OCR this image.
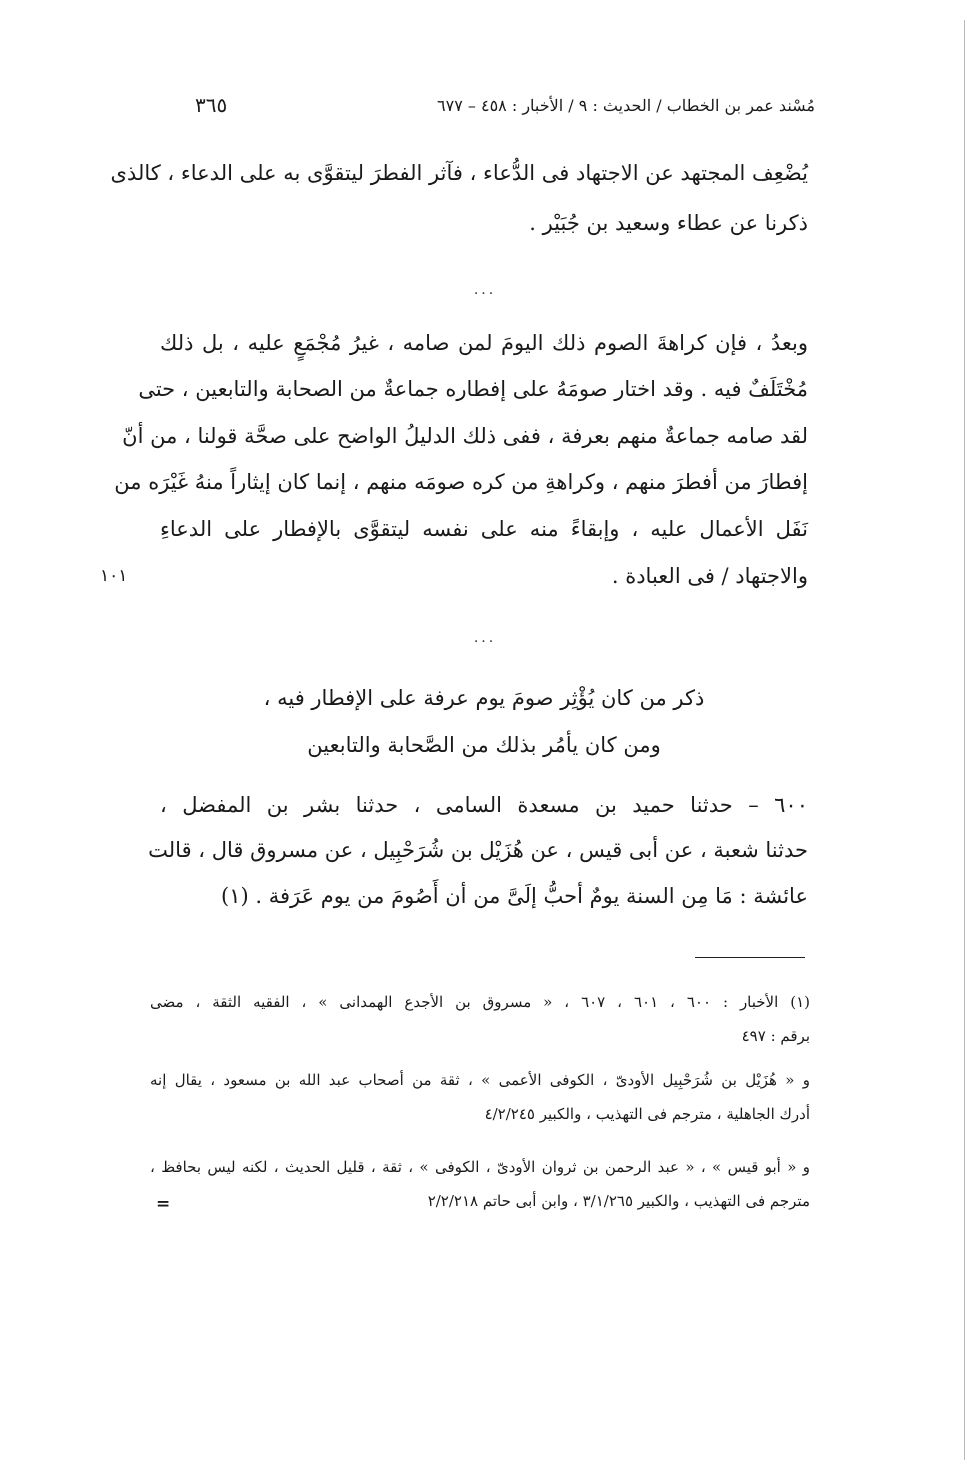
مُسْند عمر بن الخطاب / الحديث : ٩ / الأخبار : ٤٥٨ – ٦٧٧
٣٦٥
يُضْعِف المجتهد عن الاجتهاد فى الدُّعاء ، فآثر الفطرَ ليتقوَّى به على الدعاء ، كالذى
ذكرنا عن عطاء وسعيد بن جُبَيْر .
...
وبعدُ ، فإن كراهةَ الصوم ذلك اليومَ لمن صامه ، غيرُ مُجْمَعٍ عليه ، بل ذلك
مُخْتَلَفٌ فيه . وقد اختار صومَهُ على إفطاره جماعةٌ من الصحابة والتابعين ، حتى
لقد صامه جماعةٌ منهم بعرفة ، ففى ذلك الدليلُ الواضح على صحَّة قولنا ، من أنّ
إفطارَ من أفطرَ منهم ، وكراهةِ من كره صومَه منهم ، إنما كان إيثاراً منهُ غَيْرَه من
نَفَل الأعمال عليه ، وإبقاءً منه على نفسه ليتقوَّى بالإفطار على الدعاءِ
والاجتهاد / فى العبادة .
١٠١
...
ذكر من كان يُؤْثِر صومَ يوم عرفة على الإفطار فيه ،
ومن كان يأمُر بذلك من الصَّحابة والتابعين
٦٠٠ – حدثنا حميد بن مسعدة السامى ، حدثنا بشر بن المفضل ،
حدثنا شعبة ، عن أبى قيس ، عن هُزَيْل بن شُرَحْبِيل ، عن مسروق قال ، قالت
عائشة : مَا مِن السنة يومٌ أحبُّ إلَىَّ من أن أَصُومَ من يوم عَرَفة . (١)
(١) الأخبار : ٦٠٠ ، ٦٠١ ، ٦٠٧ ، « مسروق بن الأجدع الهمدانى » ، الفقيه الثقة ، مضى
برقم : ٤٩٧
و « هُزَيْل بن شُرَحْبِيل الأودىّ ، الكوفى الأعمى » ، ثقة من أصحاب عبد الله بن مسعود ، يقال إنه
أدرك الجاهلية ، مترجم فى التهذيب ، والكبير ٤/٢/٢٤٥
و « أبو قيس » ، « عبد الرحمن بن ثروان الأودىّ ، الكوفى » ، ثقة ، قليل الحديث ، لكنه ليس بحافظ ،
مترجم فى التهذيب ، والكبير ٣/١/٢٦٥ ، وابن أبى حاتم ٢/٢/٢١٨
=
